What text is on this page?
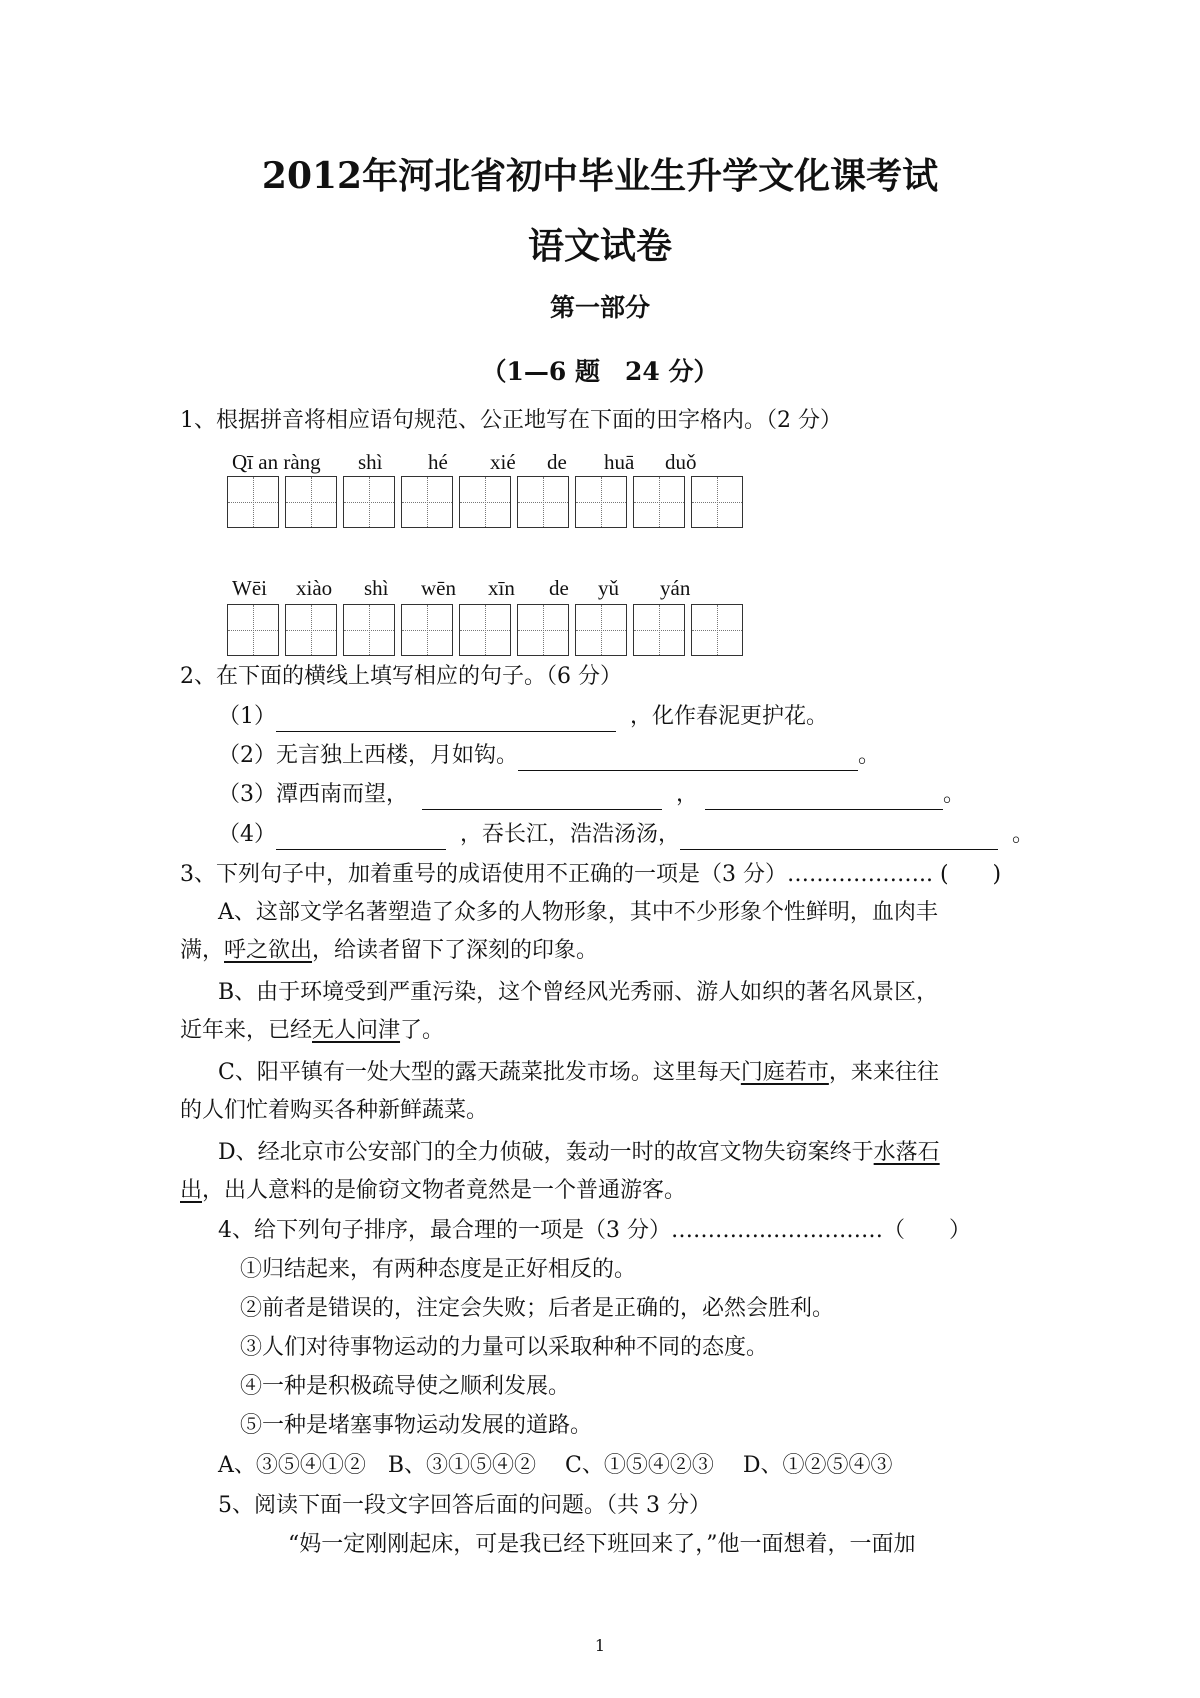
2012年河北省初中毕业生升学文化课考试
语文试卷
第一部分
（1—6 题　24 分）
1、根据拼音将相应语句规范、公正地写在下面的田字格内。（2 分）
Qī an ràng shì hé xié de huā duǒ
Wēi xiào shì wēn xīn de yǔ yán
2、在下面的横线上填写相应的句子。（6 分）
（1）	，化作春泥更护花。
（2）无言独上西楼，月如钩。	。
（3）潭西南而望，	，	。
（4）	，吞长江，浩浩汤汤，	。
3、下列句子中，加着重号的成语使用不正确的一项是（3 分）……………….. (　　)
A、这部文学名著塑造了众多的人物形象，其中不少形象个性鲜明，血肉丰
满，呼之欲出，给读者留下了深刻的印象。
B、由于环境受到严重污染，这个曾经风光秀丽、游人如织的著名风景区，
近年来，已经无人问津了。
C、阳平镇有一处大型的露天蔬菜批发市场。这里每天门庭若市，来来往往
的人们忙着购买各种新鲜蔬菜。
D、经北京市公安部门的全力侦破，轰动一时的故宫文物失窃案终于水落石
出，出人意料的是偷窃文物者竟然是一个普通游客。
4、给下列句子排序，最合理的一项是（3 分）…………..……………（　　）
①归结起来，有两种态度是正好相反的。
②前者是错误的，注定会失败；后者是正确的，必然会胜利。
③人们对待事物运动的力量可以采取种种不同的态度。
④一种是积极疏导使之顺利发展。
⑤一种是堵塞事物运动发展的道路。
A、③⑤④①②　B、③①⑤④②　 C、①⑤④②③　 D、①②⑤④③
5、阅读下面一段文字回答后面的问题。（共 3 分）
“妈一定刚刚起床，可是我已经下班回来了，”他一面想着，一面加
1
